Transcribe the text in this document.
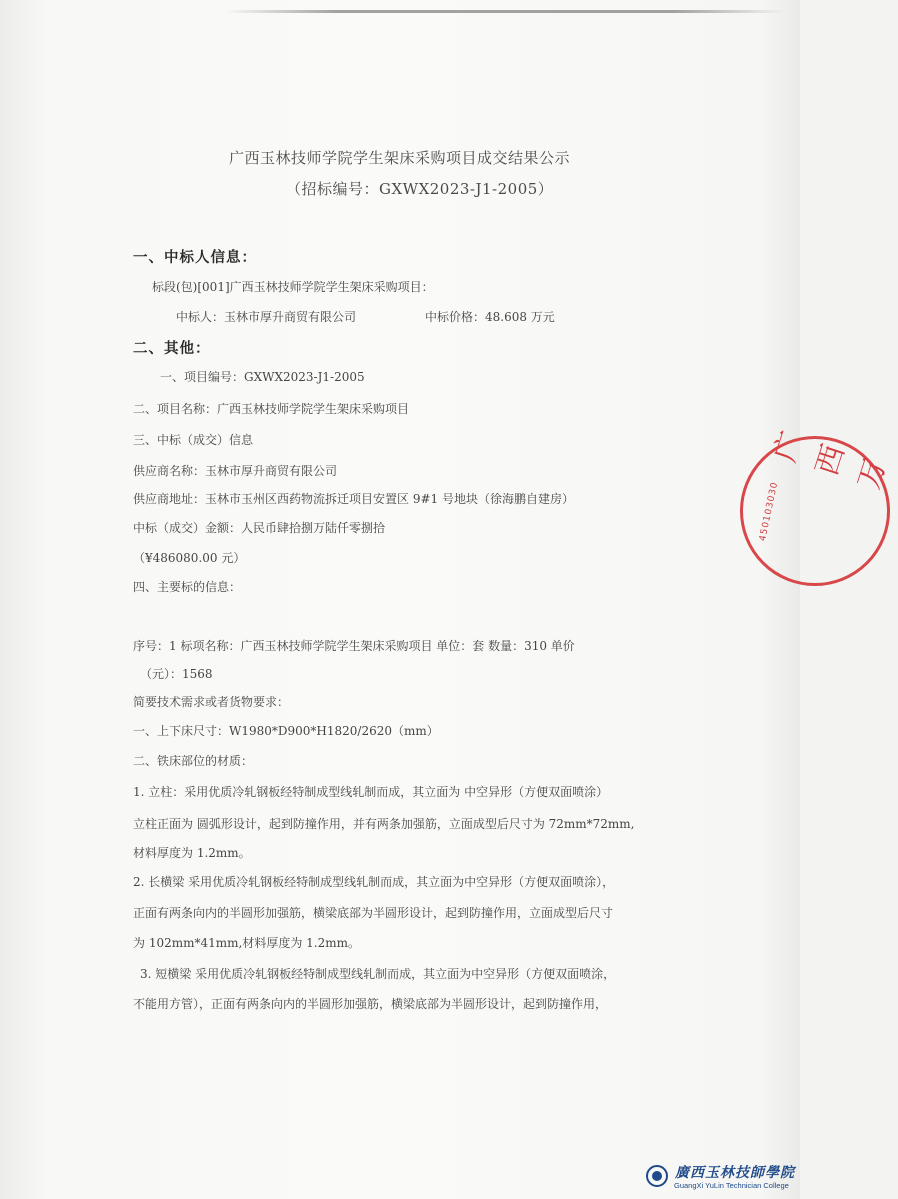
广西玉林技师学院学生架床采购项目成交结果公示
（招标编号：GXWX2023-J1-2005）
一、中标人信息：
标段(包)[001]广西玉林技师学院学生架床采购项目：
中标人：玉林市厚升商贸有限公司	中标价格：48.608 万元
二、其他：
一、项目编号：GXWX2023-J1-2005
二、项目名称：广西玉林技师学院学生架床采购项目
三、中标（成交）信息
供应商名称：玉林市厚升商贸有限公司
供应商地址：玉林市玉州区西药物流拆迁项目安置区 9#1 号地块（徐海鹏自建房）
中标（成交）金额：人民币肆拾捌万陆仟零捌拾
（¥486080.00 元）
四、主要标的信息：
序号：1 标项名称：广西玉林技师学院学生架床采购项目 单位：套 数量：310 单价
（元）：1568
简要技术需求或者货物要求：
一、上下床尺寸：W1980*D900*H1820/2620（mm）
二、铁床部位的材质：
1. 立柱：采用优质冷轧钢板经特制成型线轧制而成，其立面为 中空异形（方便双面喷涂）
立柱正面为 圆弧形设计，起到防撞作用，并有两条加强筋，立面成型后尺寸为 72mm*72mm,
材料厚度为 1.2mm。
2. 长横梁 采用优质冷轧钢板经特制成型线轧制而成，其立面为中空异形（方便双面喷涂），
正面有两条向内的半圆形加强筋，横梁底部为半圆形设计，起到防撞作用，立面成型后尺寸
为 102mm*41mm,材料厚度为 1.2mm。
3. 短横梁 采用优质冷轧钢板经特制成型线轧制而成，其立面为中空异形（方便双面喷涂，
不能用方管），正面有两条向内的半圆形加强筋，横梁底部为半圆形设计，起到防撞作用，
广西万
450103030
廣西玉林技師學院
GuangXi YuLin Technician College
